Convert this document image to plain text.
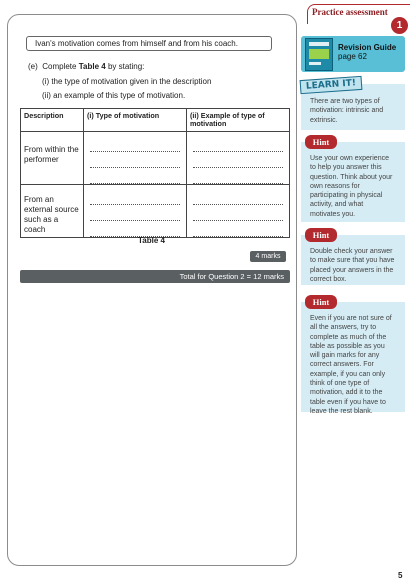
Ivan's motivation comes from himself and from his coach.
(e) Complete Table 4 by stating:
(i) the type of motivation given in the description
(ii) an example of this type of motivation.
Description	(i) Type of motivation	(ii) Example of type of motivation
From within the performer	

From an external source such as a coach	

Table 4
4 marks
Total for Question 2 = 12 marks
Practice assessment
1
Revision Guide
page 62
There are two types of motivation: intrinsic and extrinsic.
LEARN IT!
Use your own experience to help you answer this question. Think about your own reasons for participating in physical activity, and what motivates you.
Hint
Double check your answer to make sure that you have placed your answers in the correct box.
Hint
Even if you are not sure of all the answers, try to complete as much of the table as possible as you will gain marks for any correct answers. For example, if you can only think of one type of motivation, add it to the table even if you have to leave the rest blank.
Hint
5
